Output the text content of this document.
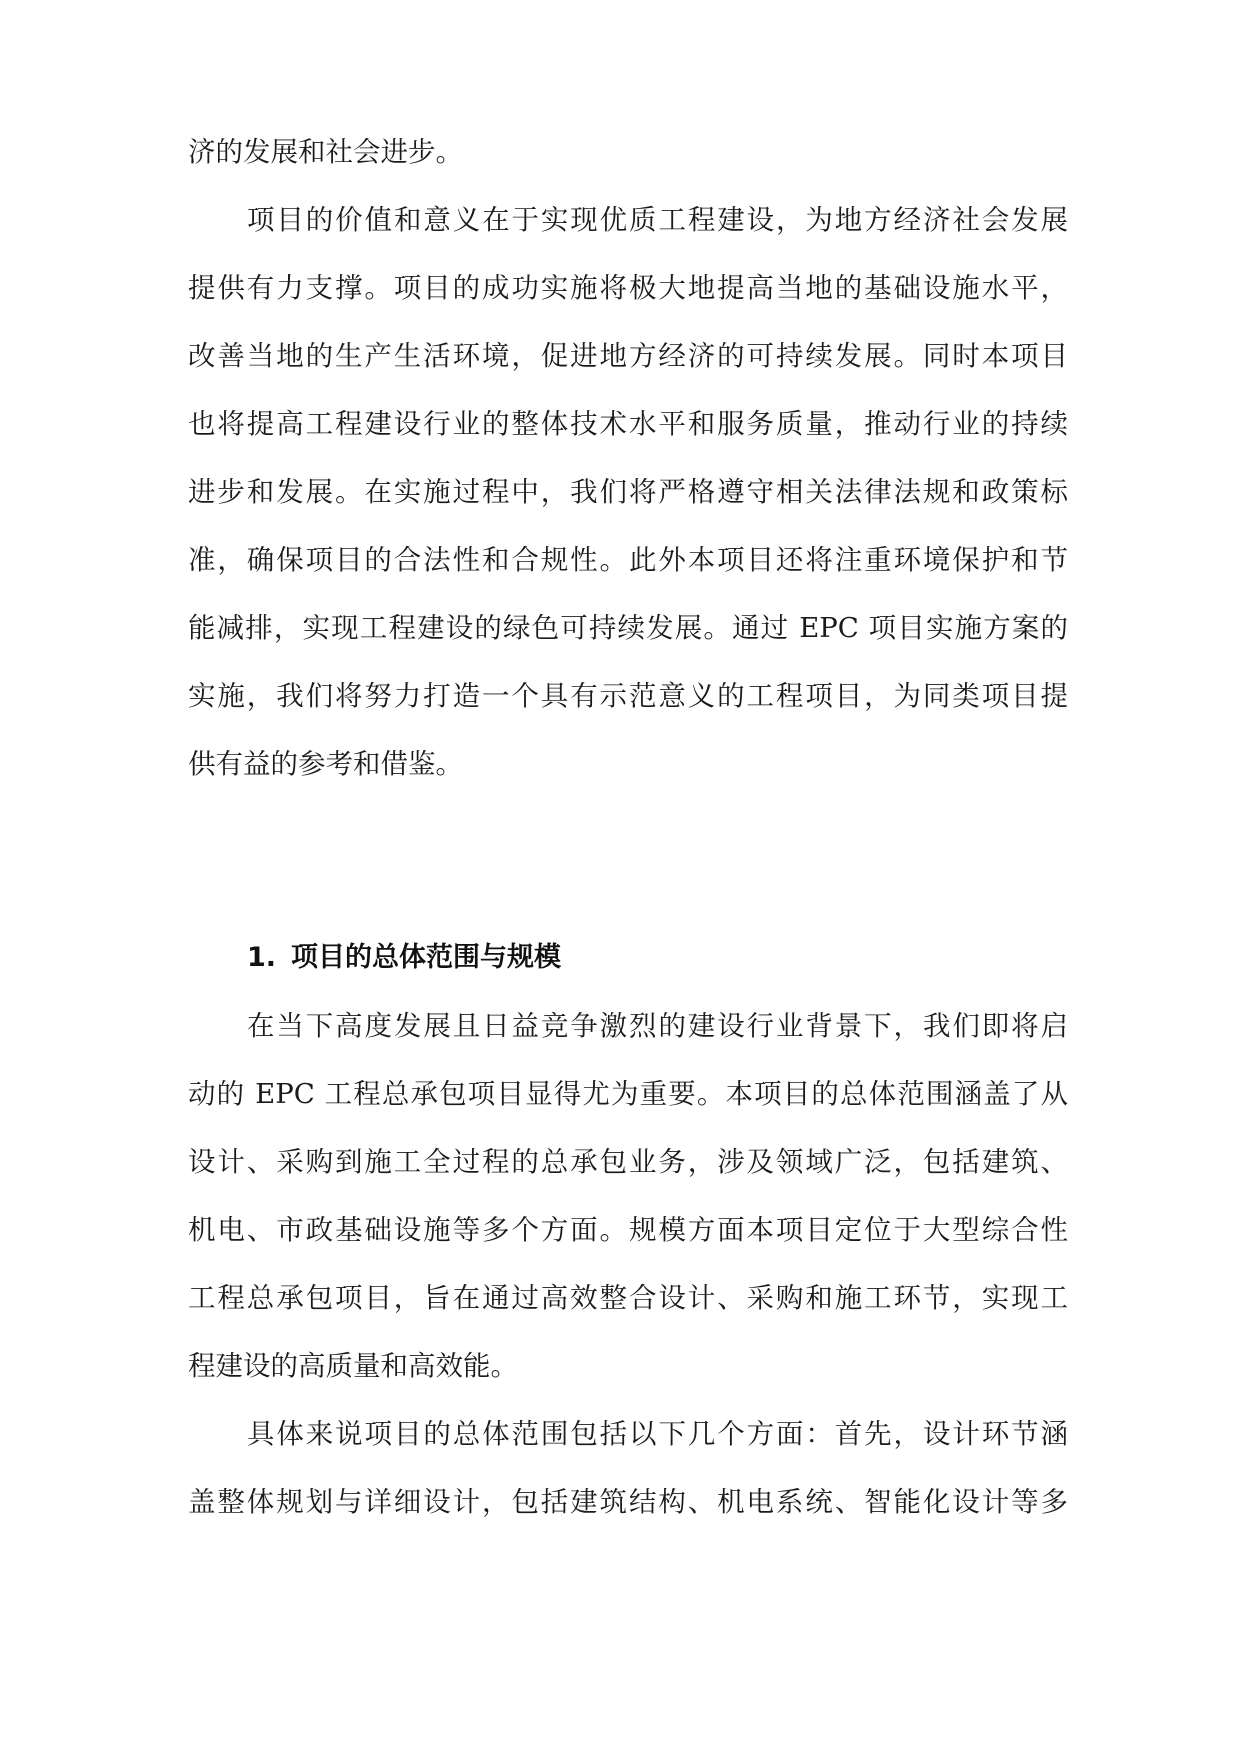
济的发展和社会进步。

项目的价值和意义在于实现优质工程建设，为地方经济社会发展

提供有力支撑。项目的成功实施将极大地提高当地的基础设施水平，

改善当地的生产生活环境，促进地方经济的可持续发展。同时本项目

也将提高工程建设行业的整体技术水平和服务质量，推动行业的持续

进步和发展。在实施过程中，我们将严格遵守相关法律法规和政策标

准，确保项目的合法性和合规性。此外本项目还将注重环境保护和节

能减排，实现工程建设的绿色可持续发展。通过 EPC 项目实施方案的

实施，我们将努力打造一个具有示范意义的工程项目，为同类项目提

供有益的参考和借鉴。

1. 项目的总体范围与规模

在当下高度发展且日益竞争激烈的建设行业背景下，我们即将启

动的 EPC 工程总承包项目显得尤为重要。本项目的总体范围涵盖了从

设计、采购到施工全过程的总承包业务，涉及领域广泛，包括建筑、

机电、市政基础设施等多个方面。规模方面本项目定位于大型综合性

工程总承包项目，旨在通过高效整合设计、采购和施工环节，实现工

程建设的高质量和高效能。

具体来说项目的总体范围包括以下几个方面：首先，设计环节涵

盖整体规划与详细设计，包括建筑结构、机电系统、智能化设计等多
